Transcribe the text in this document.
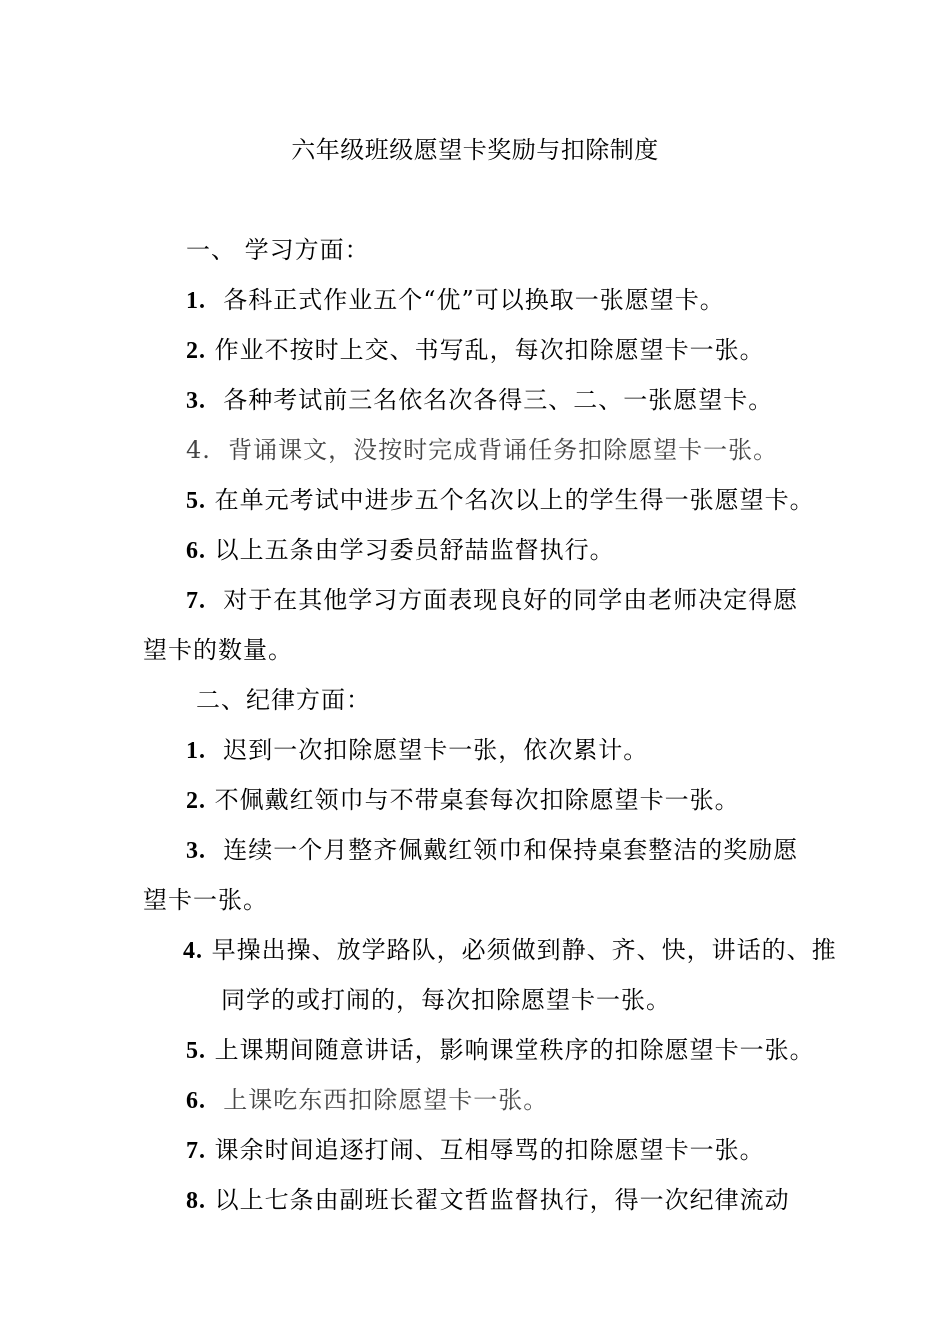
六年级班级愿望卡奖励与扣除制度
一、 学习方面：
1. 各科正式作业五个“优”可以换取一张愿望卡。
2. 作业不按时上交、书写乱，每次扣除愿望卡一张。
3. 各种考试前三名依名次各得三、二、一张愿望卡。
4. 背诵课文，没按时完成背诵任务扣除愿望卡一张。
5. 在单元考试中进步五个名次以上的学生得一张愿望卡。
6. 以上五条由学习委员舒喆监督执行。
7. 对于在其他学习方面表现良好的同学由老师决定得愿
望卡的数量。
二、纪律方面：
1. 迟到一次扣除愿望卡一张，依次累计。
2. 不佩戴红领巾与不带桌套每次扣除愿望卡一张。
3. 连续一个月整齐佩戴红领巾和保持桌套整洁的奖励愿
望卡一张。
4. 早操出操、放学路队，必须做到静、齐、快，讲话的、推
同学的或打闹的，每次扣除愿望卡一张。
5. 上课期间随意讲话，影响课堂秩序的扣除愿望卡一张。
6. 上课吃东西扣除愿望卡一张。
7. 课余时间追逐打闹、互相辱骂的扣除愿望卡一张。
8. 以上七条由副班长翟文哲监督执行，得一次纪律流动
